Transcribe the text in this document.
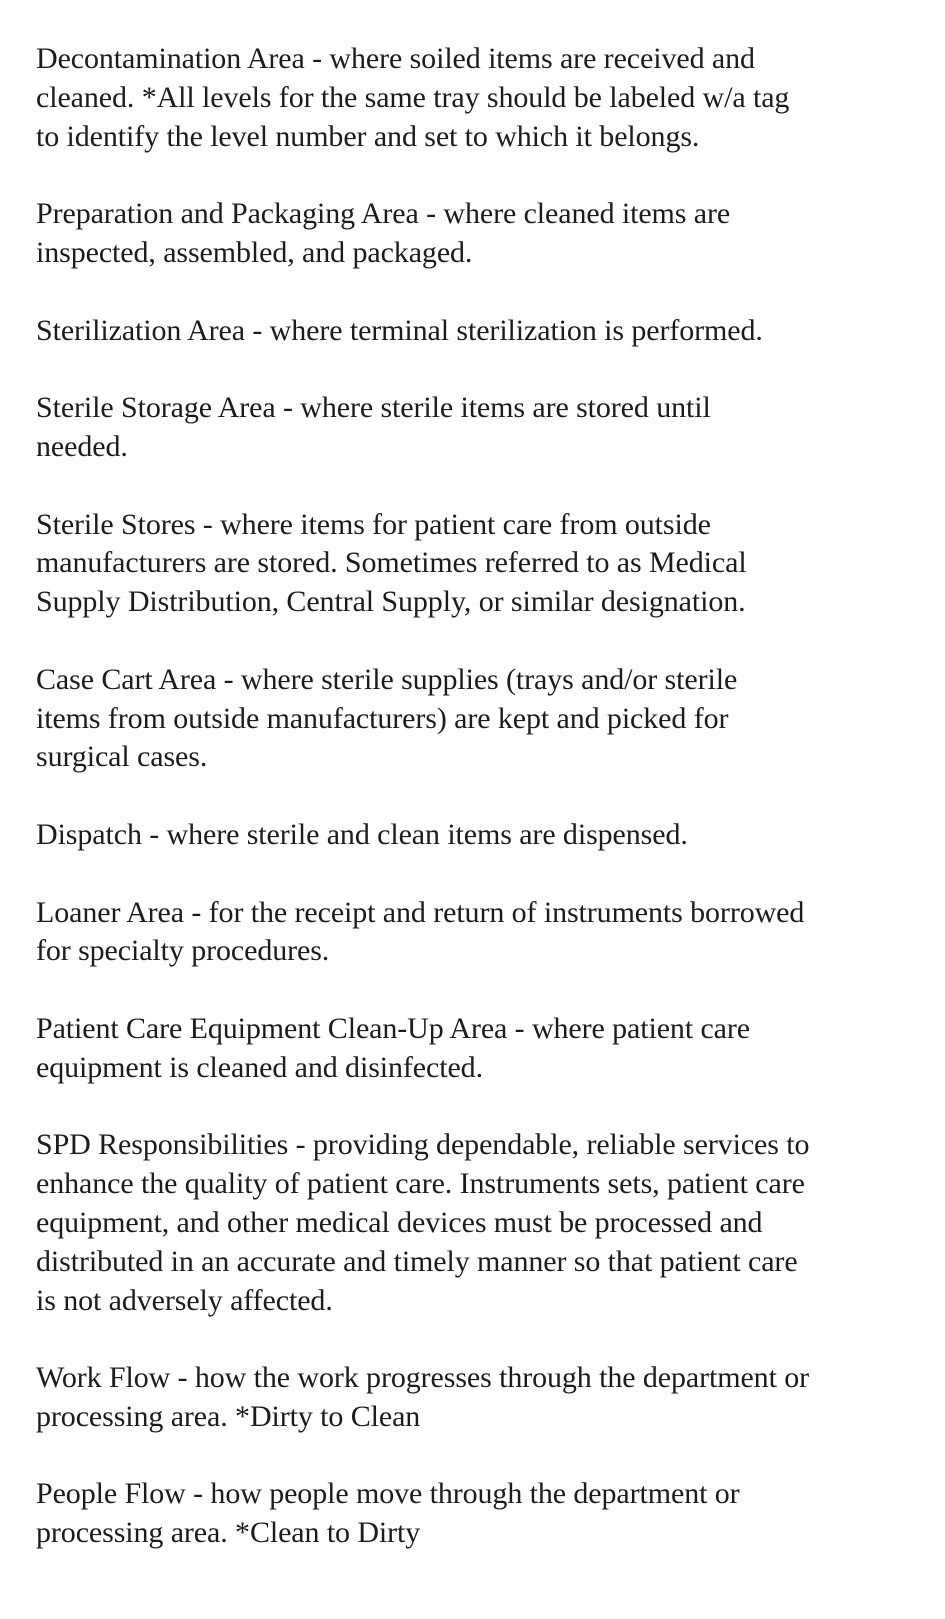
Decontamination Area - where soiled items are received and
cleaned. *All levels for the same tray should be labeled w/a tag
to identify the level number and set to which it belongs.

Preparation and Packaging Area - where cleaned items are
inspected, assembled, and packaged.

Sterilization Area - where terminal sterilization is performed.

Sterile Storage Area - where sterile items are stored until
needed.

Sterile Stores - where items for patient care from outside
manufacturers are stored. Sometimes referred to as Medical
Supply Distribution, Central Supply, or similar designation.

Case Cart Area - where sterile supplies (trays and/or sterile
items from outside manufacturers) are kept and picked for
surgical cases.

Dispatch - where sterile and clean items are dispensed.

Loaner Area - for the receipt and return of instruments borrowed
for specialty procedures.

Patient Care Equipment Clean-Up Area - where patient care
equipment is cleaned and disinfected.

SPD Responsibilities - providing dependable, reliable services to
enhance the quality of patient care. Instruments sets, patient care
equipment, and other medical devices must be processed and
distributed in an accurate and timely manner so that patient care
is not adversely affected.

Work Flow - how the work progresses through the department or
processing area. *Dirty to Clean

People Flow - how people move through the department or
processing area. *Clean to Dirty
